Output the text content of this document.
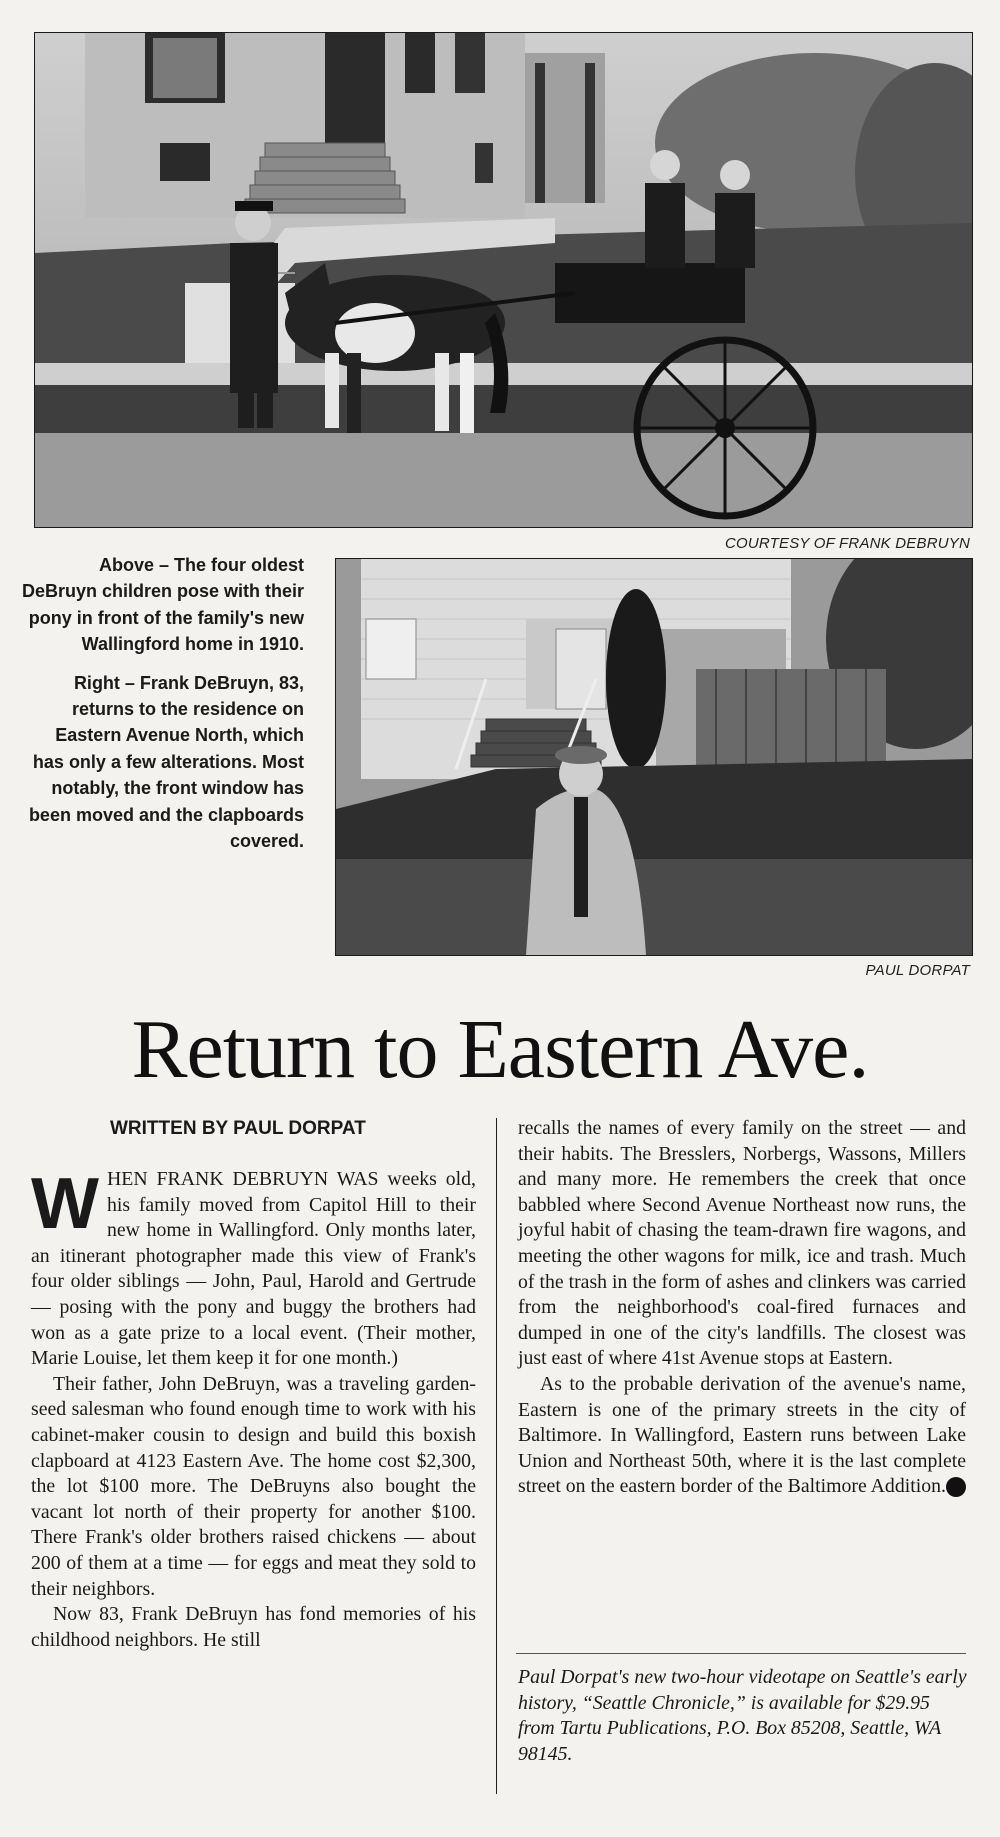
COURTESY OF FRANK DEBRUYN

Above – The four oldest DeBruyn children pose with their pony in front of the family's new Wallingford home in 1910.

Right – Frank DeBruyn, 83, returns to the residence on Eastern Avenue North, which has only a few alterations. Most notably, the front window has been moved and the clapboards covered.

PAUL DORPAT
Return to Eastern Ave.
WRITTEN BY PAUL DORPAT

WHEN FRANK DEBRUYN WAS weeks old, his family moved from Capitol Hill to their new home in Wallingford. Only months later, an itinerant photographer made this view of Frank's four older siblings — John, Paul, Harold and Gertrude — posing with the pony and buggy the brothers had won as a gate prize to a local event. (Their mother, Marie Louise, let them keep it for one month.)

Their father, John DeBruyn, was a traveling garden-seed salesman who found enough time to work with his cabinet-maker cousin to design and build this boxish clapboard at 4123 Eastern Ave. The home cost $2,300, the lot $100 more. The DeBruyns also bought the vacant lot north of their property for another $100. There Frank's older brothers raised chickens — about 200 of them at a time — for eggs and meat they sold to their neighbors.

Now 83, Frank DeBruyn has fond memories of his childhood neighbors. He still

recalls the names of every family on the street — and their habits. The Bresslers, Norbergs, Wassons, Millers and many more. He remembers the creek that once babbled where Second Avenue Northeast now runs, the joyful habit of chasing the team-drawn fire wagons, and meeting the other wagons for milk, ice and trash. Much of the trash in the form of ashes and clinkers was carried from the neighborhood's coal-fired furnaces and dumped in one of the city's landfills. The closest was just east of where 41st Avenue stops at Eastern.

As to the probable derivation of the avenue's name, Eastern is one of the primary streets in the city of Baltimore. In Wallingford, Eastern runs between Lake Union and Northeast 50th, where it is the last complete street on the eastern border of the Baltimore Addition.	P

Paul Dorpat's new two-hour videotape on Seattle's early history, “Seattle Chronicle,” is available for $29.95 from Tartu Publications, P.O. Box 85208, Seattle, WA 98145.
